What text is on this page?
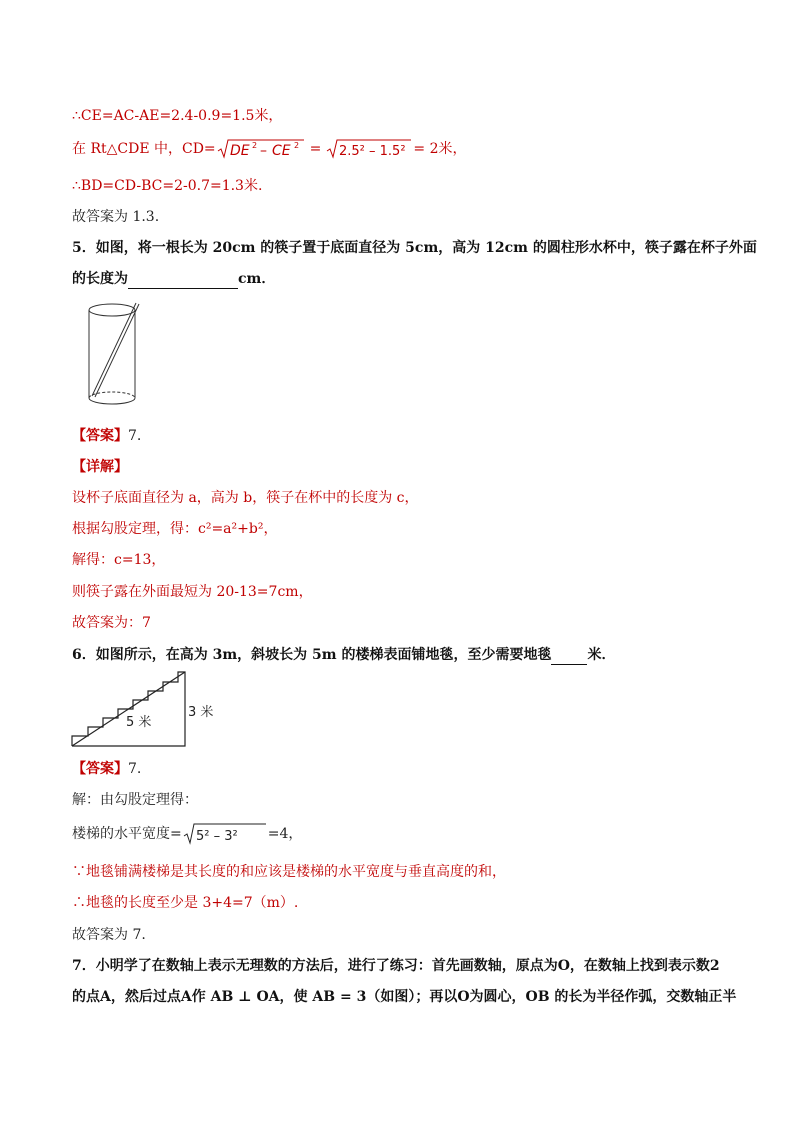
∴CE=AC-AE=2.4-0.9=1.5米，
在 Rt△CDE 中，CD= DE 2 – CE 2 = 2.5² – 1.5² = 2米，
∴BD=CD-BC=2-0.7=1.3米.
故答案为 1.3.
5．如图，将一根长为 20cm 的筷子置于底面直径为 5cm，高为 12cm 的圆柱形水杯中，筷子露在杯子外面
的长度为	cm．
【答案】7.
【详解】
设杯子底面直径为 a，高为 b，筷子在杯中的长度为 c，
根据勾股定理，得：c²=a²+b²，
解得：c=13，
则筷子露在外面最短为 20-13=7cm，
故答案为：7
6．如图所示，在高为 3m，斜坡长为 5m 的楼梯表面铺地毯，至少需要地毯	米．
5 米
3 米
【答案】7.
解：由勾股定理得：
楼梯的水平宽度= 5² – 3² =4，
∵地毯铺满楼梯是其长度的和应该是楼梯的水平宽度与垂直高度的和，
∴地毯的长度至少是 3+4=7（m）.
故答案为 7.
7．小明学了在数轴上表示无理数的方法后，进行了练习：首先画数轴，原点为O，在数轴上找到表示数2
的点A，然后过点A作 AB ⊥ OA，使 AB = 3（如图）；再以O为圆心，OB 的长为半径作弧，交数轴正半
